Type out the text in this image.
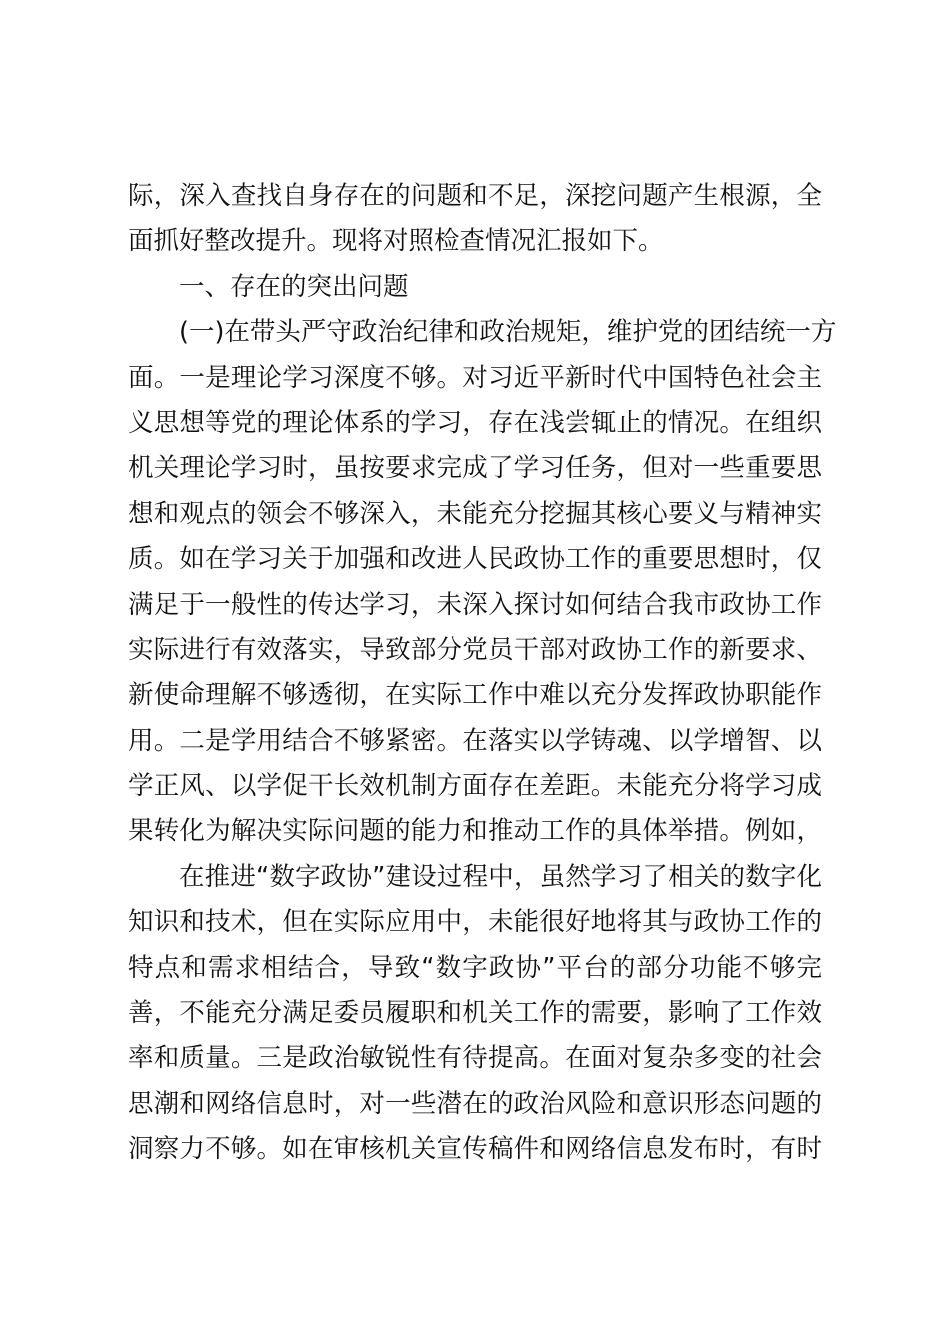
际，深入查找自身存在的问题和不足，深挖问题产生根源，全
面抓好整改提升。现将对照检查情况汇报如下。
一、存在的突出问题
(一)在带头严守政治纪律和政治规矩，维护党的团结统一方
面。一是理论学习深度不够。对习近平新时代中国特色社会主
义思想等党的理论体系的学习，存在浅尝辄止的情况。在组织
机关理论学习时，虽按要求完成了学习任务，但对一些重要思
想和观点的领会不够深入，未能充分挖掘其核心要义与精神实
质。如在学习关于加强和改进人民政协工作的重要思想时，仅
满足于一般性的传达学习，未深入探讨如何结合我市政协工作
实际进行有效落实，导致部分党员干部对政协工作的新要求、
新使命理解不够透彻，在实际工作中难以充分发挥政协职能作
用。二是学用结合不够紧密。在落实以学铸魂、以学增智、以
学正风、以学促干长效机制方面存在差距。未能充分将学习成
果转化为解决实际问题的能力和推动工作的具体举措。例如，
在推进“数字政协”建设过程中，虽然学习了相关的数字化
知识和技术，但在实际应用中，未能很好地将其与政协工作的
特点和需求相结合，导致“数字政协”平台的部分功能不够完
善，不能充分满足委员履职和机关工作的需要，影响了工作效
率和质量。三是政治敏锐性有待提高。在面对复杂多变的社会
思潮和网络信息时，对一些潜在的政治风险和意识形态问题的
洞察力不够。如在审核机关宣传稿件和网络信息发布时，有时
